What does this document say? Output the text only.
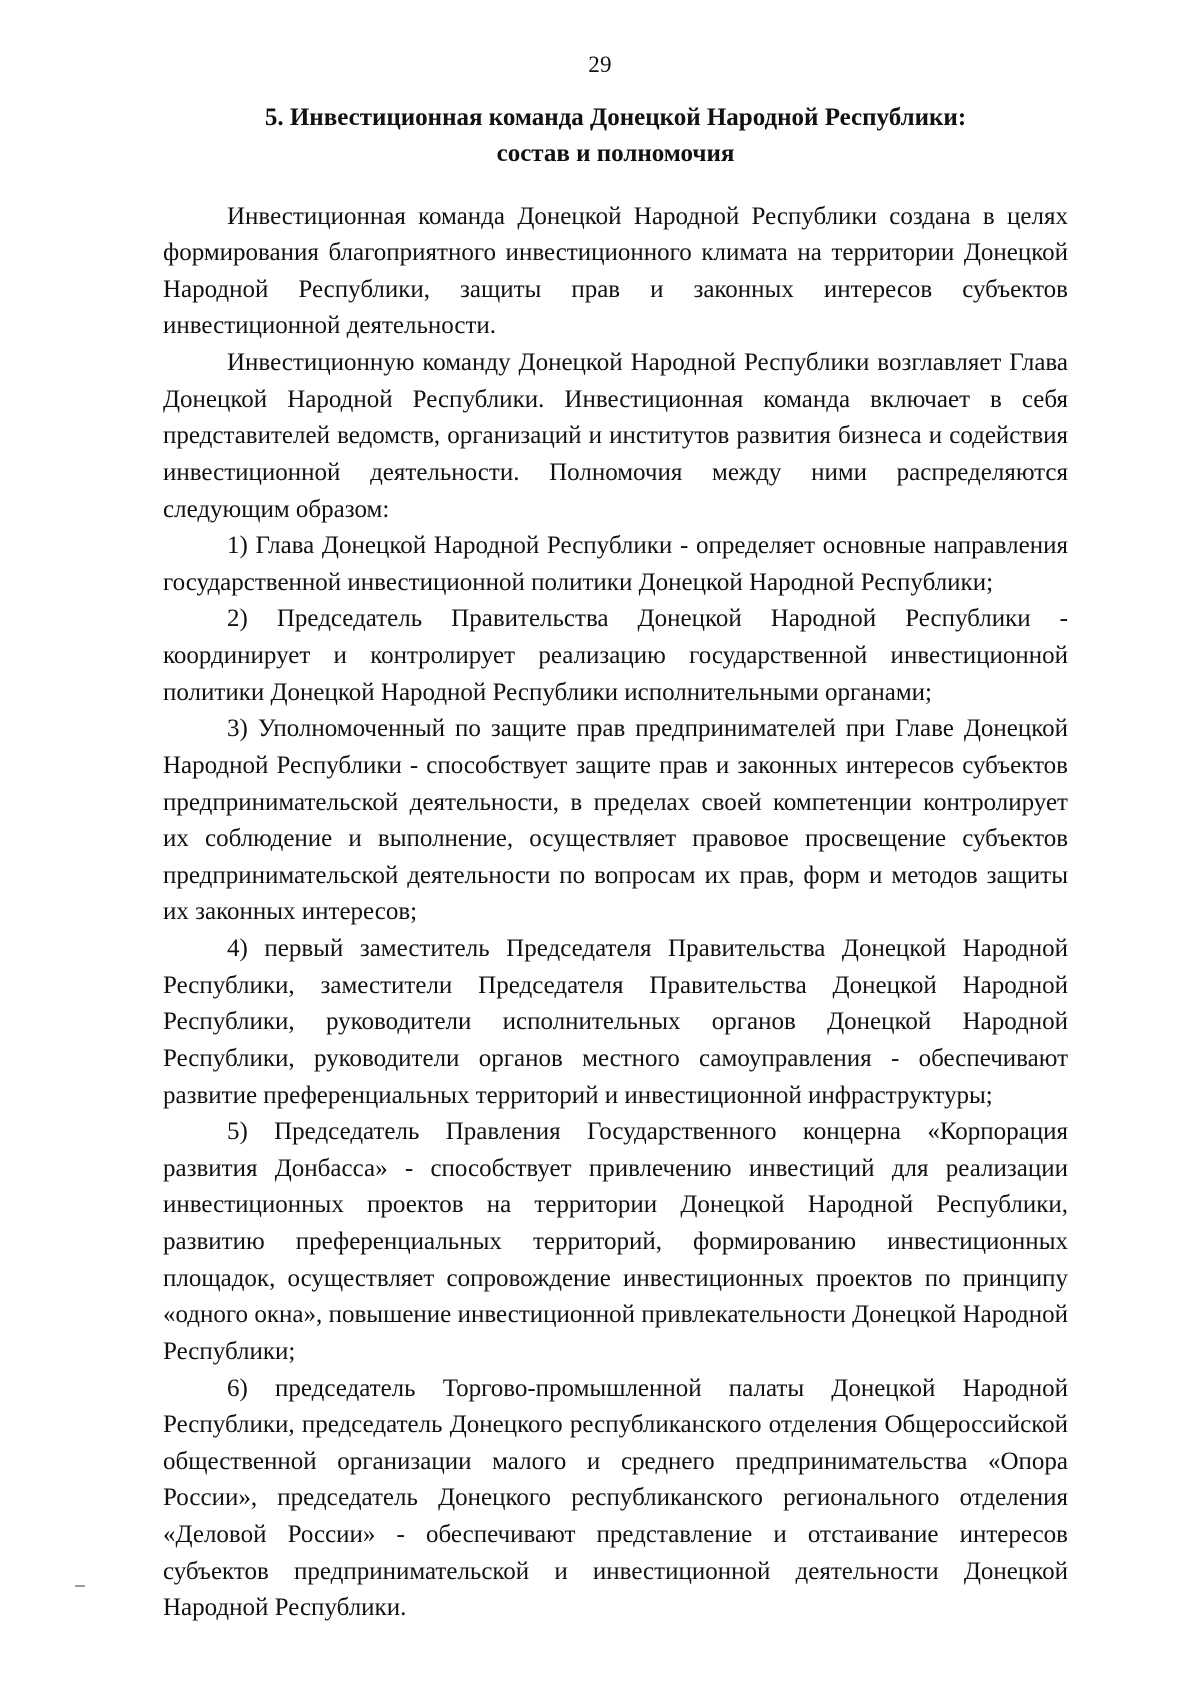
29
5. Инвестиционная команда Донецкой Народной Республики:
состав и полномочия

Инвестиционная команда Донецкой Народной Республики создана в целях формирования благоприятного инвестиционного климата на территории Донецкой Народной Республики, защиты прав и законных интересов субъектов инвестиционной деятельности.

Инвестиционную команду Донецкой Народной Республики возглавляет Глава Донецкой Народной Республики. Инвестиционная команда включает в себя представителей ведомств, организаций и институтов развития бизнеса и содействия инвестиционной деятельности. Полномочия между ними распределяются следующим образом:

1) Глава Донецкой Народной Республики - определяет основные направления государственной инвестиционной политики Донецкой Народной Республики;

2) Председатель Правительства Донецкой Народной Республики - координирует и контролирует реализацию государственной инвестиционной политики Донецкой Народной Республики исполнительными органами;

3) Уполномоченный по защите прав предпринимателей при Главе Донецкой Народной Республики - способствует защите прав и законных интересов субъектов предпринимательской деятельности, в пределах своей компетенции контролирует их соблюдение и выполнение, осуществляет правовое просвещение субъектов предпринимательской деятельности по вопросам их прав, форм и методов защиты их законных интересов;

4) первый заместитель Председателя Правительства Донецкой Народной Республики, заместители Председателя Правительства Донецкой Народной Республики, руководители исполнительных органов Донецкой Народной Республики, руководители органов местного самоуправления - обеспечивают развитие преференциальных территорий и инвестиционной инфраструктуры;

5) Председатель Правления Государственного концерна «Корпорация развития Донбасса» - способствует привлечению инвестиций для реализации инвестиционных проектов на территории Донецкой Народной Республики, развитию преференциальных территорий, формированию инвестиционных площадок, осуществляет сопровождение инвестиционных проектов по принципу «одного окна», повышение инвестиционной привлекательности Донецкой Народной Республики;

6) председатель Торгово-промышленной палаты Донецкой Народной Республики, председатель Донецкого республиканского отделения Общероссийской общественной организации малого и среднего предпринимательства «Опора России», председатель Донецкого республиканского регионального отделения «Деловой России» - обеспечивают представление и отстаивание интересов субъектов предпринимательской и инвестиционной деятельности Донецкой Народной Республики.
